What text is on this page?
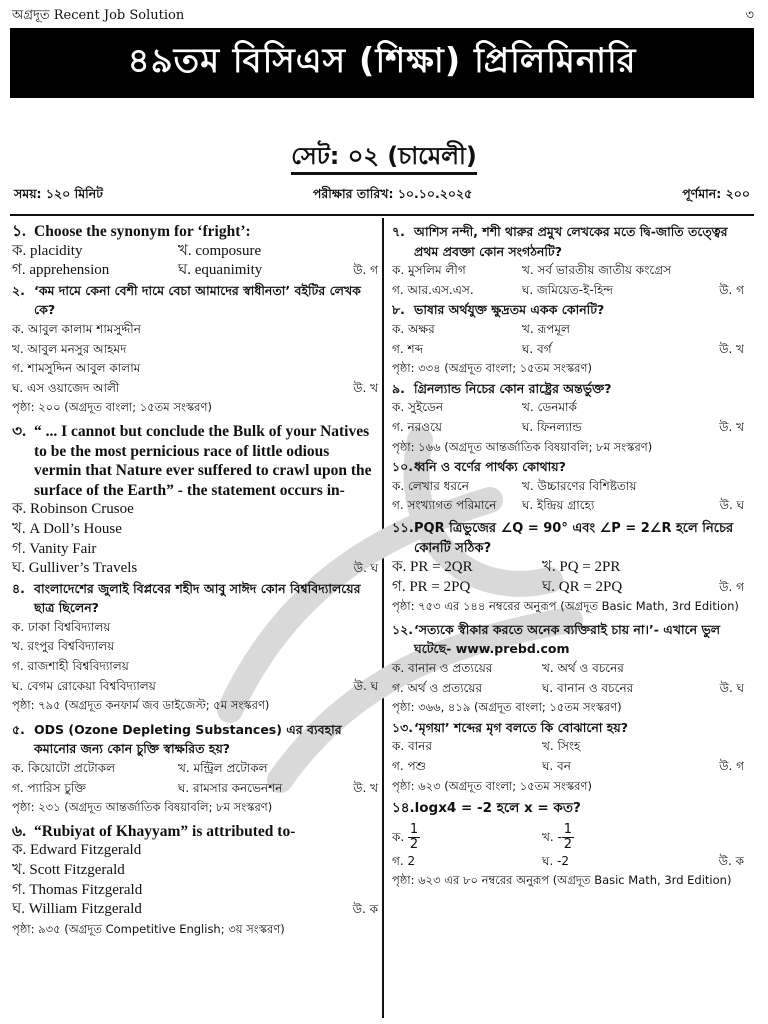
অগ্রদূত Recent Job Solution	৩
৪৯তম বিসিএস (শিক্ষা) প্রিলিমিনারি
সেট: ০২ (চামেলী)
সময়: ১২০ মিনিট	পরীক্ষার তারিখ: ১০.১০.২০২৫	পূর্ণমান: ২০০
১. Choose the synonym for ‘fright’:
ক. placidity	খ. composure
গ. apprehension	ঘ. equanimity	উ. গ
২. ‘কম দামে কেনা বেশী দামে বেচা আমাদের স্বাধীনতা’ বইটির লেখক কে?
ক. আবুল কালাম শামসুদ্দীন
খ. আবুল মনসুর আহমদ
গ. শামসুদ্দিন আবুল কালাম
ঘ. এস ওয়াজেদ আলী	উ. খ
পৃষ্ঠা: ২০০ (অগ্রদূত বাংলা; ১৫তম সংস্করণ)
৩. “ ... I cannot but conclude the Bulk of your Natives to be the most pernicious race of little odious vermin that Nature ever suffered to crawl upon the surface of the Earth” - the statement occurs in-
ক. Robinson Crusoe
খ. A Doll’s House
গ. Vanity Fair
ঘ. Gulliver’s Travels	উ. ঘ
৪. বাংলাদেশের জুলাই বিপ্লবের শহীদ আবু সাঈদ কোন বিশ্ববিদ্যালয়ের ছাত্র ছিলেন?
ক. ঢাকা বিশ্ববিদ্যালয়
খ. রংপুর বিশ্ববিদ্যালয়
গ. রাজশাহী বিশ্ববিদ্যালয়
ঘ. বেগম রোকেয়া বিশ্ববিদ্যালয়	উ. ঘ
পৃষ্ঠা: ৭৯৫ (অগ্রদূত কনফার্ম জব ডাইজেস্ট; ৫ম সংস্করণ)
৫. ODS (Ozone Depleting Substances) এর ব্যবহার কমানোর জন্য কোন চুক্তি স্বাক্ষরিত হয়?
ক. কিয়োটো প্রটোকল	খ. মন্ট্রিল প্রটোকল
গ. প্যারিস চুক্তি	ঘ. রামসার কনভেনশন	উ. খ
পৃষ্ঠা: ২৩১ (অগ্রদূত আন্তর্জাতিক বিষয়াবলি; ৮ম সংস্করণ)
৬. “Rubiyat of Khayyam” is attributed to-
ক. Edward Fitzgerald
খ. Scott Fitzgerald
গ. Thomas Fitzgerald
ঘ. William Fitzgerald	উ. ক
পৃষ্ঠা: ৯৩৫ (অগ্রদূত Competitive English; ৩য় সংস্করণ)
৭. আশিস নন্দী, শশী থারুর প্রমুখ লেখকের মতে দ্বি-জাতি তত্ত্বের প্রথম প্রবক্তা কোন সংগঠনটি?
ক. মুসলিম লীগ	খ. সর্ব ভারতীয় জাতীয় কংগ্রেস
গ. আর.এস.এস.	ঘ. জমিয়েত-ই-হিন্দ	উ. গ
৮. ভাষার অর্থযুক্ত ক্ষুদ্রতম একক কোনটি?
ক. অক্ষর	খ. রূপমূল
গ. শব্দ	ঘ. বর্গ	উ. খ
পৃষ্ঠা: ৩৩৪ (অগ্রদূত বাংলা; ১৫তম সংস্করণ)
৯. গ্রিনল্যান্ড নিচের কোন রাষ্ট্রের অন্তর্ভুক্ত?
ক. সুইডেন	খ. ডেনমার্ক
গ. নরওয়ে	ঘ. ফিনল্যান্ড	উ. খ
পৃষ্ঠা: ১৬৬ (অগ্রদূত আন্তর্জাতিক বিষয়াবলি; ৮ম সংস্করণ)
১০. ধ্বনি ও বর্ণের পার্থক্য কোথায়?
ক. লেখার ধরনে	খ. উচ্চারণের বিশিষ্টতায়
গ. সংখ্যাগত পরিমানে	ঘ. ইন্দ্রিয় গ্রাহ্যে	উ. ঘ
১১. PQR ত্রিভুজের ∠Q = 90° এবং ∠P = 2∠R হলে নিচের কোনটি সঠিক?
ক. PR = 2QR	খ. PQ = 2PR
গ. PR = 2PQ	ঘ. QR = 2PQ	উ. গ
পৃষ্ঠা: ৭৫৩ এর ১৪৪ নম্বরের অনুরূপ (অগ্রদূত Basic Math, 3rd Edition)
১২. ‘সত্যকে স্বীকার করতে অনেক ব্যক্তিরাই চায় না।’- এখানে ভুল ঘটেছে- www.prebd.com
ক. বানান ও প্রত্যয়ের	খ. অর্থ ও বচনের
গ. অর্থ ও প্রত্যয়ের	ঘ. বানান ও বচনের	উ. ঘ
পৃষ্ঠা: ৩৬৬, ৪১৯ (অগ্রদূত বাংলা; ১৫তম সংস্করণ)
১৩. ‘মৃগয়া’ শব্দের মৃগ বলতে কি বোঝানো হয়?
ক. বানর	খ. সিংহ
গ. পশু	ঘ. বন	উ. গ
পৃষ্ঠা: ৬২৩ (অগ্রদূত বাংলা; ১৫তম সংস্করণ)
১৪. logx4 = -2 হলে x = কত?
ক. $\frac{1}{2}$	খ. - $\frac{1}{2}$
গ. 2	ঘ. -2	উ. ক
পৃষ্ঠা: ৬২৩ এর ৮০ নম্বরের অনুরূপ (অগ্রদূত Basic Math, 3rd Edition)
